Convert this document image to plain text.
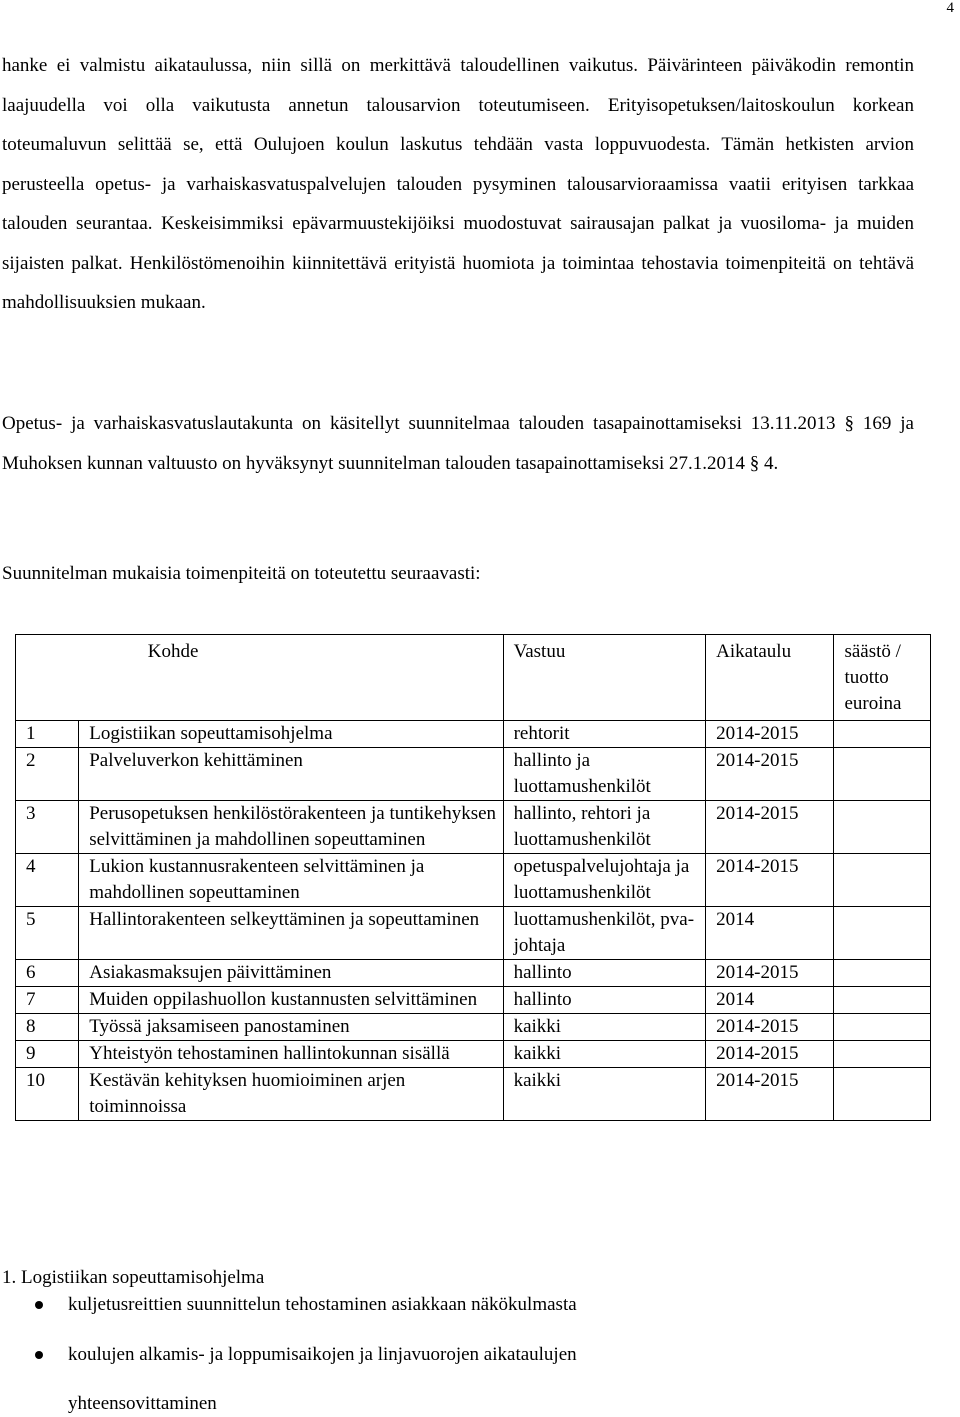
4

hanke ei valmistu aikataulussa, niin sillä on merkittävä taloudellinen vaikutus. Päivärinteen päiväkodin remontin laajuudella voi olla vaikutusta annetun talousarvion toteutumiseen. Erityisopetuksen/laitoskoulun korkean toteumaluvun selittää se, että Oulujoen koulun laskutus tehdään vasta loppuvuodesta. Tämän hetkisten arvion perusteella opetus- ja varhaiskasvatuspalvelujen talouden pysyminen talousarvioraamissa vaatii erityisen tarkkaa talouden seurantaa. Keskeisimmiksi epävarmuustekijöiksi muodostuvat sairausajan palkat ja vuosiloma- ja muiden sijaisten palkat. Henkilöstömenoihin kiinnitettävä erityistä huomiota ja toimintaa tehostavia toimenpiteitä on tehtävä mahdollisuuksien mukaan.

Opetus- ja varhaiskasvatuslautakunta on käsitellyt suunnitelmaa talouden tasapainottamiseksi 13.11.2013 § 169 ja Muhoksen kunnan valtuusto on hyväksynyt suunnitelman talouden tasapainottamiseksi 27.1.2014 § 4.

Suunnitelman mukaisia toimenpiteitä on toteutettu seuraavasti:

	Kohde	Vastuu	Aikataulu	säästö / tuotto euroina
1	Logistiikan sopeuttamisohjelma	rehtorit	2014-2015	
2	Palveluverkon kehittäminen	hallinto ja luottamushenkilöt	2014-2015	
3	Perusopetuksen henkilöstörakenteen ja tuntikehyksen selvittäminen ja mahdollinen sopeuttaminen	hallinto, rehtori ja luottamushenkilöt	2014-2015	
4	Lukion kustannusrakenteen selvittäminen ja mahdollinen sopeuttaminen	opetuspalvelujohtaja ja luottamushenkilöt	2014-2015	
5	Hallintorakenteen selkeyttäminen ja sopeuttaminen	luottamushenkilöt, pva-johtaja	2014	
6	Asiakasmaksujen päivittäminen	hallinto	2014-2015	
7	Muiden oppilashuollon kustannusten selvittäminen	hallinto	2014	
8	Työssä jaksamiseen panostaminen	kaikki	2014-2015	
9	Yhteistyön tehostaminen hallintokunnan sisällä	kaikki	2014-2015	
10	Kestävän kehityksen huomioiminen arjen toiminnoissa	kaikki	2014-2015	

1. Logistiikan sopeuttamisohjelma

kuljetusreittien suunnittelun tehostaminen asiakkaan näkökulmasta
koulujen alkamis- ja loppumisaikojen ja linjavuorojen aikataulujen
yhteensovittaminen
